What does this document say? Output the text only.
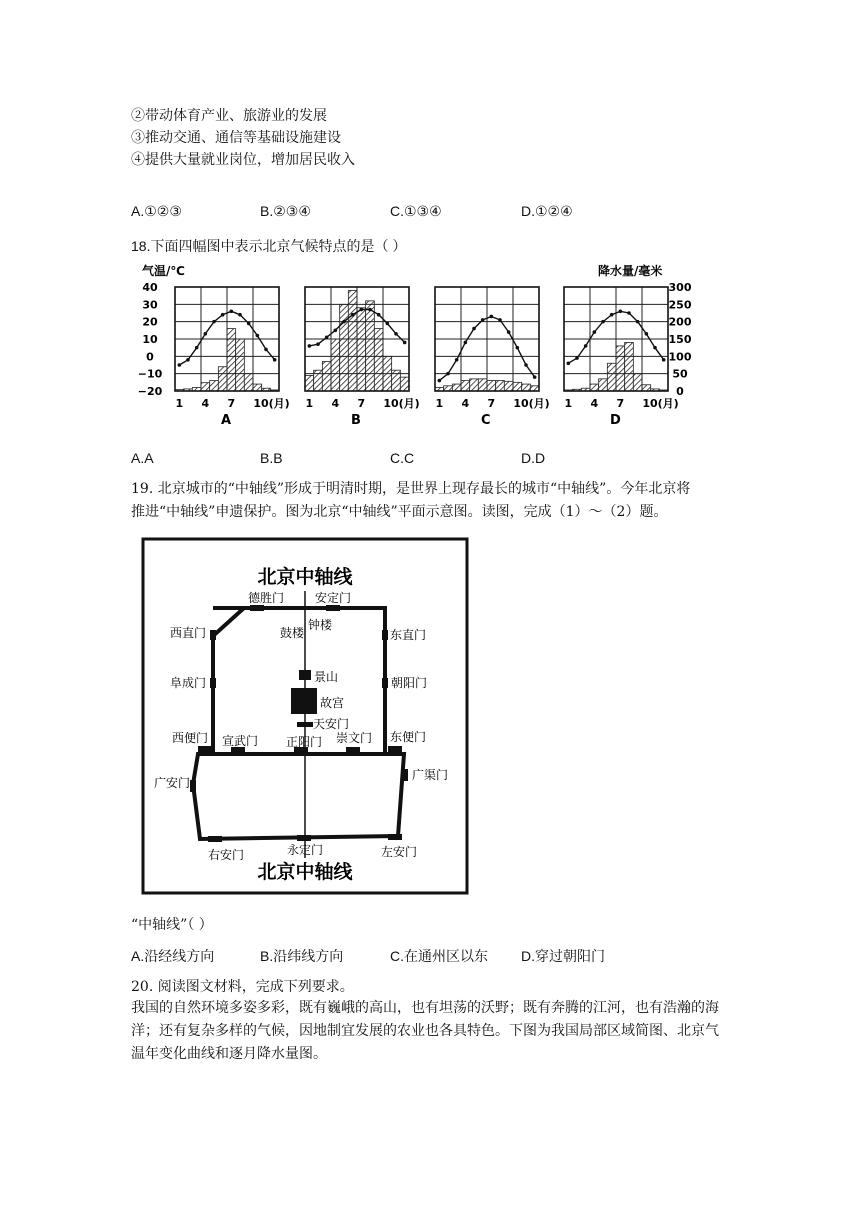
②带动体育产业、旅游业的发展
③推动交通、通信等基础设施建设
④提供大量就业岗位，增加居民收入
A.①②③	B.②③④	C.①③④	D.①②④
18.下面四幅图中表示北京气候特点的是（ ）
气温/℃	降水量/毫米
40
30
20
10
0
−10
−20
300
250
200
150
100
50
0
1 4 7 10(月)
A
1 4 7 10(月)
B
1 4 7 10(月)
C
1 4 7 10(月)
D
A.A	B.B	C.C	D.D
19. 北京城市的“中轴线”形成于明清时期，是世界上现存最长的城市“中轴线”。今年北京将
推进“中轴线”申遗保护。图为北京“中轴线”平面示意图。读图，完成（1）～（2）题。
北京中轴线
北京中轴线
德胜门	安定门
西直门	东直门
鼓楼
钟楼
阜成门	朝阳门
景山
故宫
天安门
西便门 宣武门 正阳门 崇文门 东便门
广安门
广渠门
右安门	永定门	左安门
“中轴线”（ ）
A.沿经线方向	B.沿纬线方向	C.在通州区以东 D.穿过朝阳门
20. 阅读图文材料，完成下列要求。
我国的自然环境多姿多彩，既有巍峨的高山，也有坦荡的沃野；既有奔腾的江河，也有浩瀚的海洋；还有复杂多样的气候，因地制宜发展的农业也各具特色。下图为我国局部区域简图、北京气温年变化曲线和逐月降水量图。
